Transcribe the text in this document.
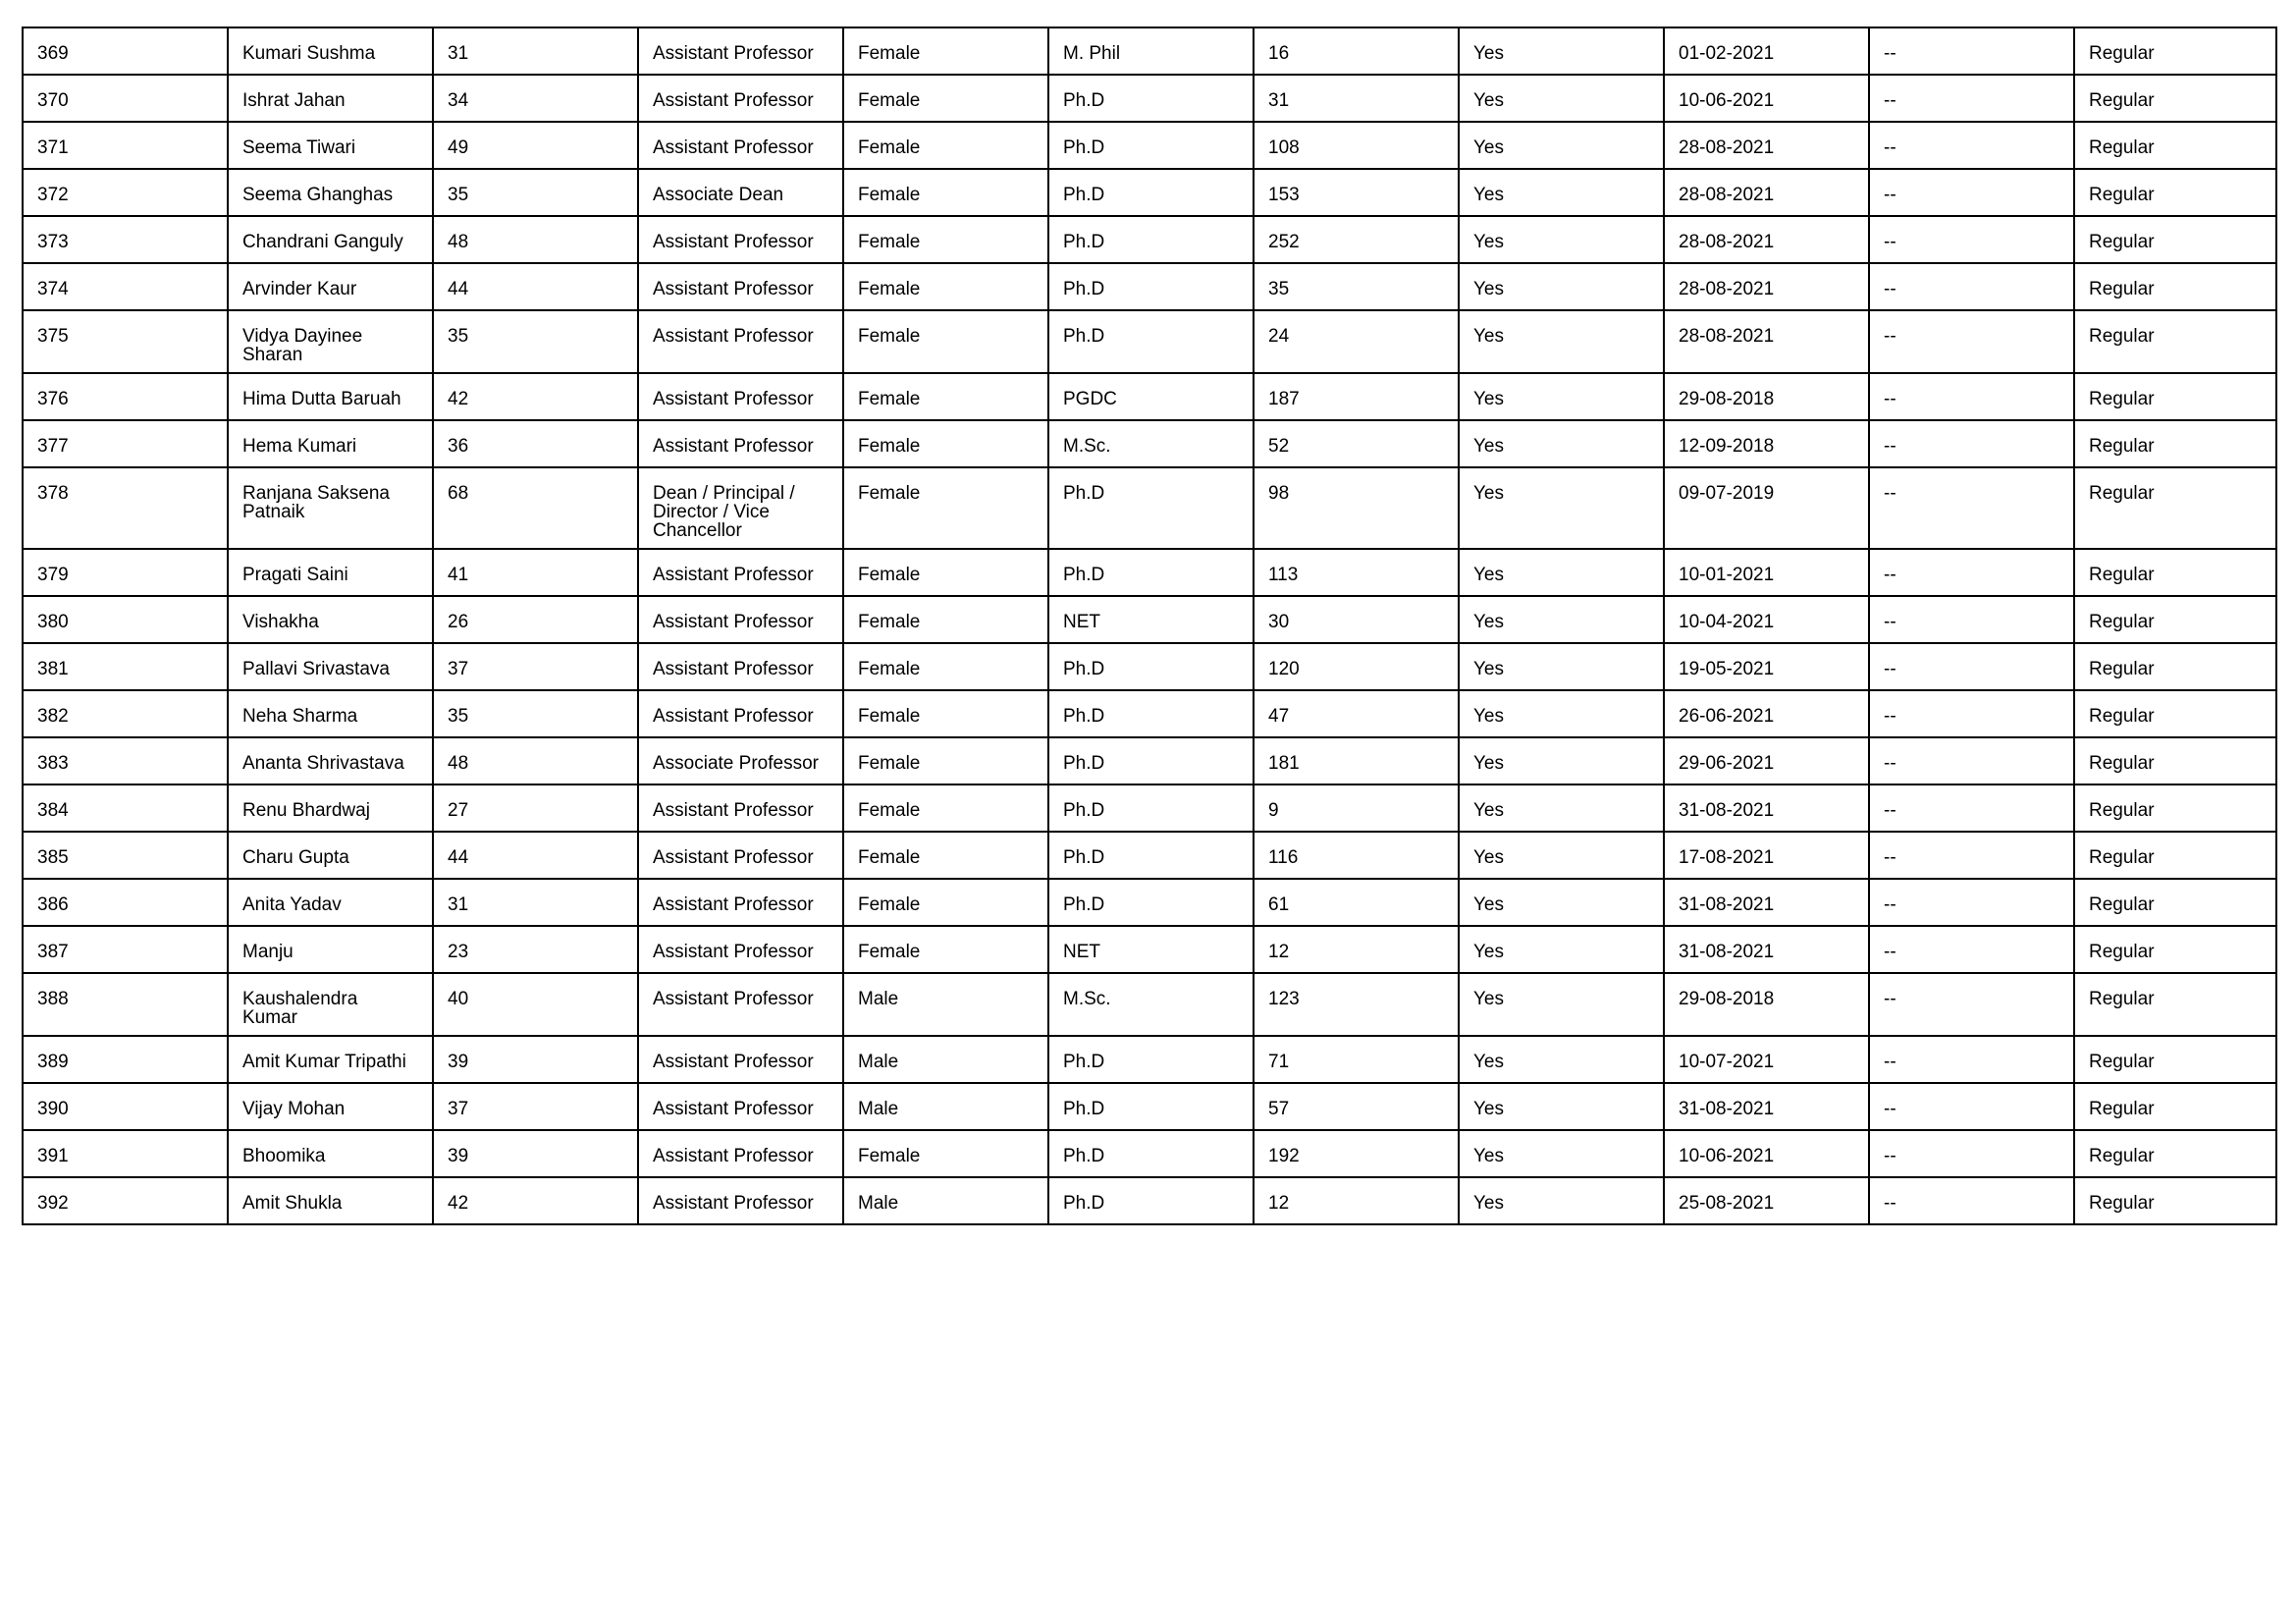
369	Kumari Sushma	31	Assistant Professor	Female	M. Phil	16	Yes	01-02-2021	--	Regular
370	Ishrat Jahan	34	Assistant Professor	Female	Ph.D	31	Yes	10-06-2021	--	Regular
371	Seema Tiwari	49	Assistant Professor	Female	Ph.D	108	Yes	28-08-2021	--	Regular
372	Seema Ghanghas	35	Associate Dean	Female	Ph.D	153	Yes	28-08-2021	--	Regular
373	Chandrani Ganguly	48	Assistant Professor	Female	Ph.D	252	Yes	28-08-2021	--	Regular
374	Arvinder Kaur	44	Assistant Professor	Female	Ph.D	35	Yes	28-08-2021	--	Regular
375	Vidya Dayinee
Sharan	35	Assistant Professor	Female	Ph.D	24	Yes	28-08-2021	--	Regular
376	Hima Dutta Baruah	42	Assistant Professor	Female	PGDC	187	Yes	29-08-2018	--	Regular
377	Hema Kumari	36	Assistant Professor	Female	M.Sc.	52	Yes	12-09-2018	--	Regular
378	Ranjana Saksena
Patnaik	68	Dean / Principal /
Director / Vice
Chancellor	Female	Ph.D	98	Yes	09-07-2019	--	Regular
379	Pragati Saini	41	Assistant Professor	Female	Ph.D	113	Yes	10-01-2021	--	Regular
380	Vishakha	26	Assistant Professor	Female	NET	30	Yes	10-04-2021	--	Regular
381	Pallavi Srivastava	37	Assistant Professor	Female	Ph.D	120	Yes	19-05-2021	--	Regular
382	Neha Sharma	35	Assistant Professor	Female	Ph.D	47	Yes	26-06-2021	--	Regular
383	Ananta Shrivastava	48	Associate Professor	Female	Ph.D	181	Yes	29-06-2021	--	Regular
384	Renu Bhardwaj	27	Assistant Professor	Female	Ph.D	9	Yes	31-08-2021	--	Regular
385	Charu Gupta	44	Assistant Professor	Female	Ph.D	116	Yes	17-08-2021	--	Regular
386	Anita Yadav	31	Assistant Professor	Female	Ph.D	61	Yes	31-08-2021	--	Regular
387	Manju	23	Assistant Professor	Female	NET	12	Yes	31-08-2021	--	Regular
388	Kaushalendra
Kumar	40	Assistant Professor	Male	M.Sc.	123	Yes	29-08-2018	--	Regular
389	Amit Kumar Tripathi	39	Assistant Professor	Male	Ph.D	71	Yes	10-07-2021	--	Regular
390	Vijay Mohan	37	Assistant Professor	Male	Ph.D	57	Yes	31-08-2021	--	Regular
391	Bhoomika	39	Assistant Professor	Female	Ph.D	192	Yes	10-06-2021	--	Regular
392	Amit Shukla	42	Assistant Professor	Male	Ph.D	12	Yes	25-08-2021	--	Regular
